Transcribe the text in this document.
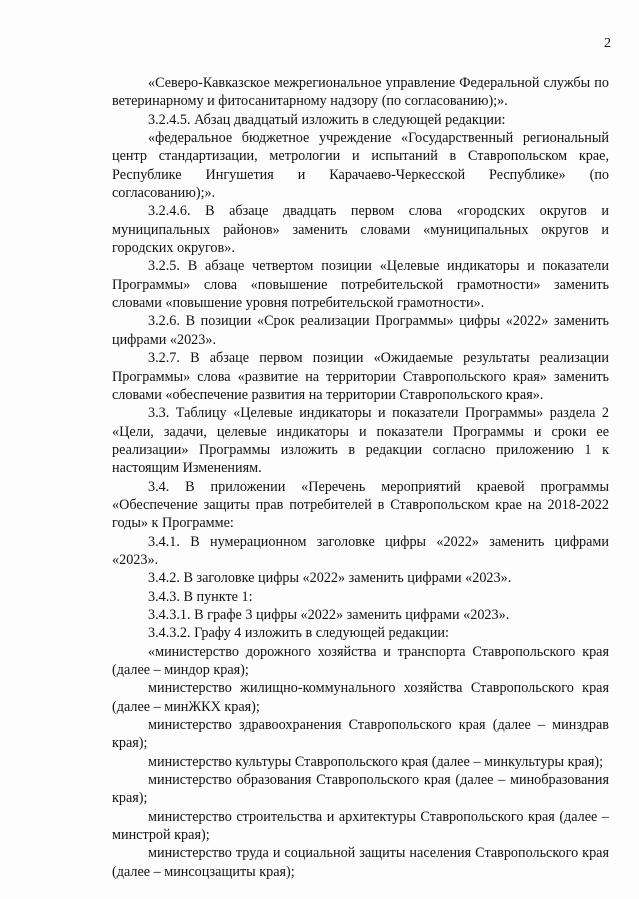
2

«Северо-Кавказское межрегиональное управление Федеральной службы по ветеринарному и фитосанитарному надзору (по согласованию);».

3.2.4.5. Абзац двадцатый изложить в следующей редакции:

«федеральное бюджетное учреждение «Государственный региональный центр стандартизации, метрологии и испытаний в Ставропольском крае, Республике Ингушетия и Карачаево-Черкесской Республике» (по согласованию);».

3.2.4.6. В абзаце двадцать первом слова «городских округов и муниципальных районов» заменить словами «муниципальных округов и городских округов».

3.2.5. В абзаце четвертом позиции «Целевые индикаторы и показатели Программы» слова «повышение потребительской грамотности» заменить словами «повышение уровня потребительской грамотности».

3.2.6. В позиции «Срок реализации Программы» цифры «2022» заменить цифрами «2023».

3.2.7. В абзаце первом позиции «Ожидаемые результаты реализации Программы» слова «развитие на территории Ставропольского края» заменить словами «обеспечение развития на территории Ставропольского края».

3.3. Таблицу «Целевые индикаторы и показатели Программы» раздела 2 «Цели, задачи, целевые индикаторы и показатели Программы и сроки ее реализации» Программы изложить в редакции согласно приложению 1 к настоящим Изменениям.

3.4. В приложении «Перечень мероприятий краевой программы «Обеспечение защиты прав потребителей в Ставропольском крае на 2018-2022 годы» к Программе:

3.4.1. В нумерационном заголовке цифры «2022» заменить цифрами «2023».

3.4.2. В заголовке цифры «2022» заменить цифрами «2023».

3.4.3. В пункте 1:

3.4.3.1. В графе 3 цифры «2022» заменить цифрами «2023».

3.4.3.2. Графу 4 изложить в следующей редакции:

«министерство дорожного хозяйства и транспорта Ставропольского края (далее – миндор края);

министерство жилищно-коммунального хозяйства Ставропольского края (далее – минЖКХ края);

министерство здравоохранения Ставропольского края (далее – минздрав края);

министерство культуры Ставропольского края (далее – минкультуры края);

министерство образования Ставропольского края (далее – минобразования края);

министерство строительства и архитектуры Ставропольского края (далее – минстрой края);

министерство труда и социальной защиты населения Ставропольского края (далее – минсоцзащиты края);
